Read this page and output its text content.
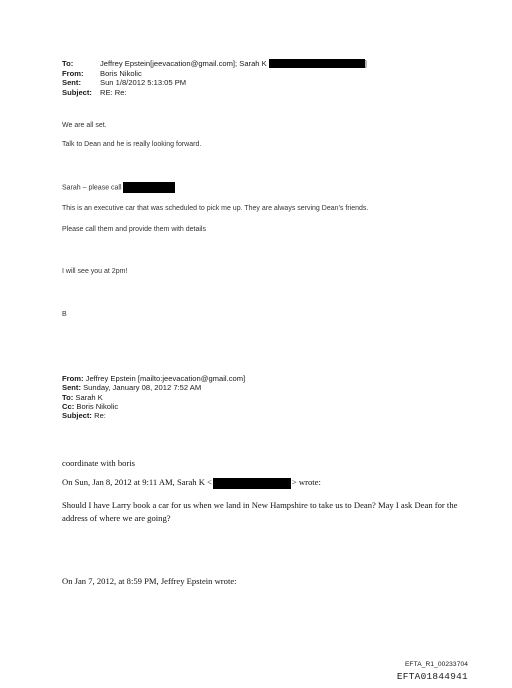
To:	Jeffrey Epstein[jeevacation@gmail.com]; Sarah K	]
From:	Boris Nikolic
Sent:	Sun 1/8/2012 5:13:05 PM
Subject:	RE: Re:
We are all set.
Talk to Dean and he is really looking forward.
Sarah – please call
This is an executive car that was scheduled to pick me up. They are always serving Dean’s friends.
Please call them and provide them with details
I will see you at 2pm!
B
From: Jeffrey Epstein [mailto:jeevacation@gmail.com]
Sent: Sunday, January 08, 2012 7:52 AM
To: Sarah K
Cc: Boris Nikolic
Subject: Re:
coordinate with boris
On Sun, Jan 8, 2012 at 9:11 AM, Sarah K <	> wrote:
Should I have Larry book a car for us when we land in New Hampshire to take us to Dean? May I ask Dean for the address of where we are going?
On Jan 7, 2012, at 8:59 PM, Jeffrey Epstein wrote:
EFTA_R1_00233704
EFTA01844941
